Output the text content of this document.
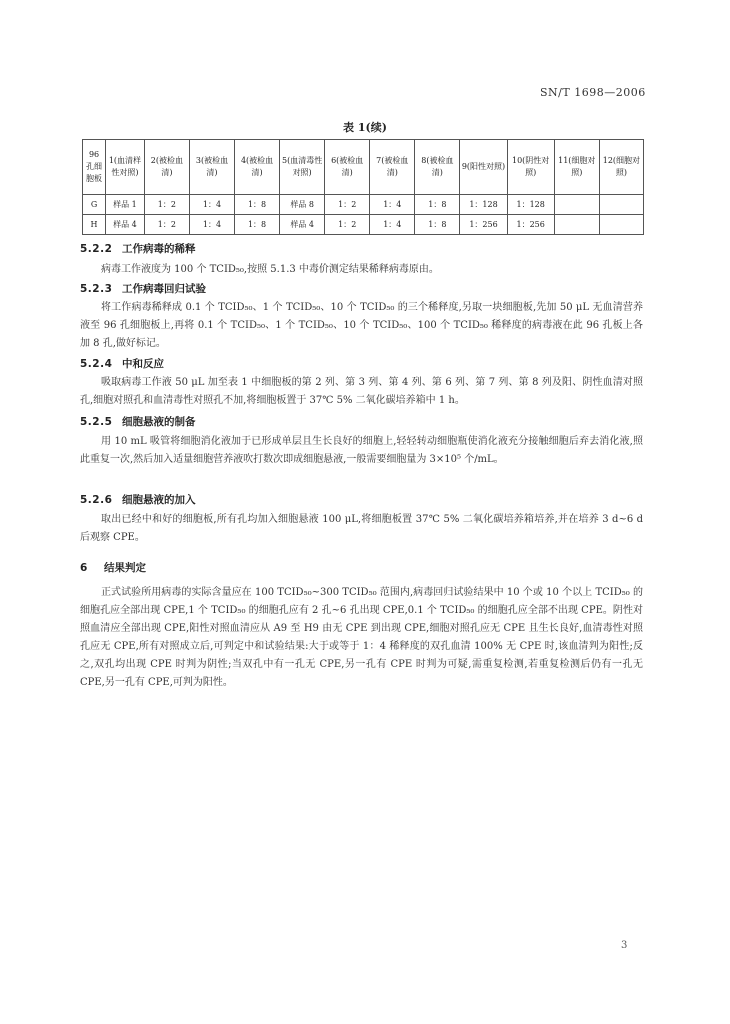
SN/T 1698—2006
表 1(续)
96 孔细胞板	1(血清样性对照)	2(被检血清)	3(被检血清)	4(被检血清)	5(血清毒性对照)	6(被检血清)	7(被检血清)	8(被检血清)	9(阳性对照)	10(阴性对照)	11(细胞对照)	12(细胞对照)
G	样品 1	1：2	1：4	1：8	样品 8	1：2	1：4	1：8	1：128	1：128		
H	样品 4	1：2	1：4	1：8	样品 4	1：2	1：4	1：8	1：256	1：256		
5.2.2 工作病毒的稀释

病毒工作液度为 100 个 TCID₅₀,按照 5.1.3 中毒价测定结果稀释病毒原由。

5.2.3 工作病毒回归试验

将工作病毒稀释成 0.1 个 TCID₅₀、1 个 TCID₅₀、10 个 TCID₅₀ 的三个稀释度,另取一块细胞板,先加 50 μL 无血清营养液至 96 孔细胞板上,再将 0.1 个 TCID₅₀、1 个 TCID₅₀、10 个 TCID₅₀、100 个 TCID₅₀ 稀释度的病毒液在此 96 孔板上各加 8 孔,做好标记。

5.2.4 中和反应

吸取病毒工作液 50 μL 加至表 1 中细胞板的第 2 列、第 3 列、第 4 列、第 6 列、第 7 列、第 8 列及阳、阴性血清对照孔,细胞对照孔和血清毒性对照孔不加,将细胞板置于 37℃ 5% 二氧化碳培养箱中 1 h。

5.2.5 细胞悬液的制备

用 10 mL 吸管将细胞消化液加于已形成单层且生长良好的细胞上,轻轻转动细胞瓶使消化液充分接触细胞后弃去消化液,照此重复一次,然后加入适量细胞营养液吹打数次即成细胞悬液,一般需要细胞量为 3×10⁵ 个/mL。

5.2.6 细胞悬液的加入

取出已经中和好的细胞板,所有孔均加入细胞悬液 100 μL,将细胞板置 37℃ 5% 二氧化碳培养箱培养,并在培养 3 d~6 d 后观察 CPE。

6 结果判定

正式试验所用病毒的实际含量应在 100 TCID₅₀~300 TCID₅₀ 范围内,病毒回归试验结果中 10 个或 10 个以上 TCID₅₀ 的细胞孔应全部出现 CPE,1 个 TCID₅₀ 的细胞孔应有 2 孔~6 孔出现 CPE,0.1 个 TCID₅₀ 的细胞孔应全部不出现 CPE。阴性对照血清应全部出现 CPE,阳性对照血清应从 A9 至 H9 由无 CPE 到出现 CPE,细胞对照孔应无 CPE 且生长良好,血清毒性对照孔应无 CPE,所有对照成立后,可判定中和试验结果:大于或等于 1：4 稀释度的双孔血清 100% 无 CPE 时,该血清判为阳性;反之,双孔均出现 CPE 时判为阴性;当双孔中有一孔无 CPE,另一孔有 CPE 时判为可疑,需重复检测,若重复检测后仍有一孔无 CPE,另一孔有 CPE,可判为阳性。

3
